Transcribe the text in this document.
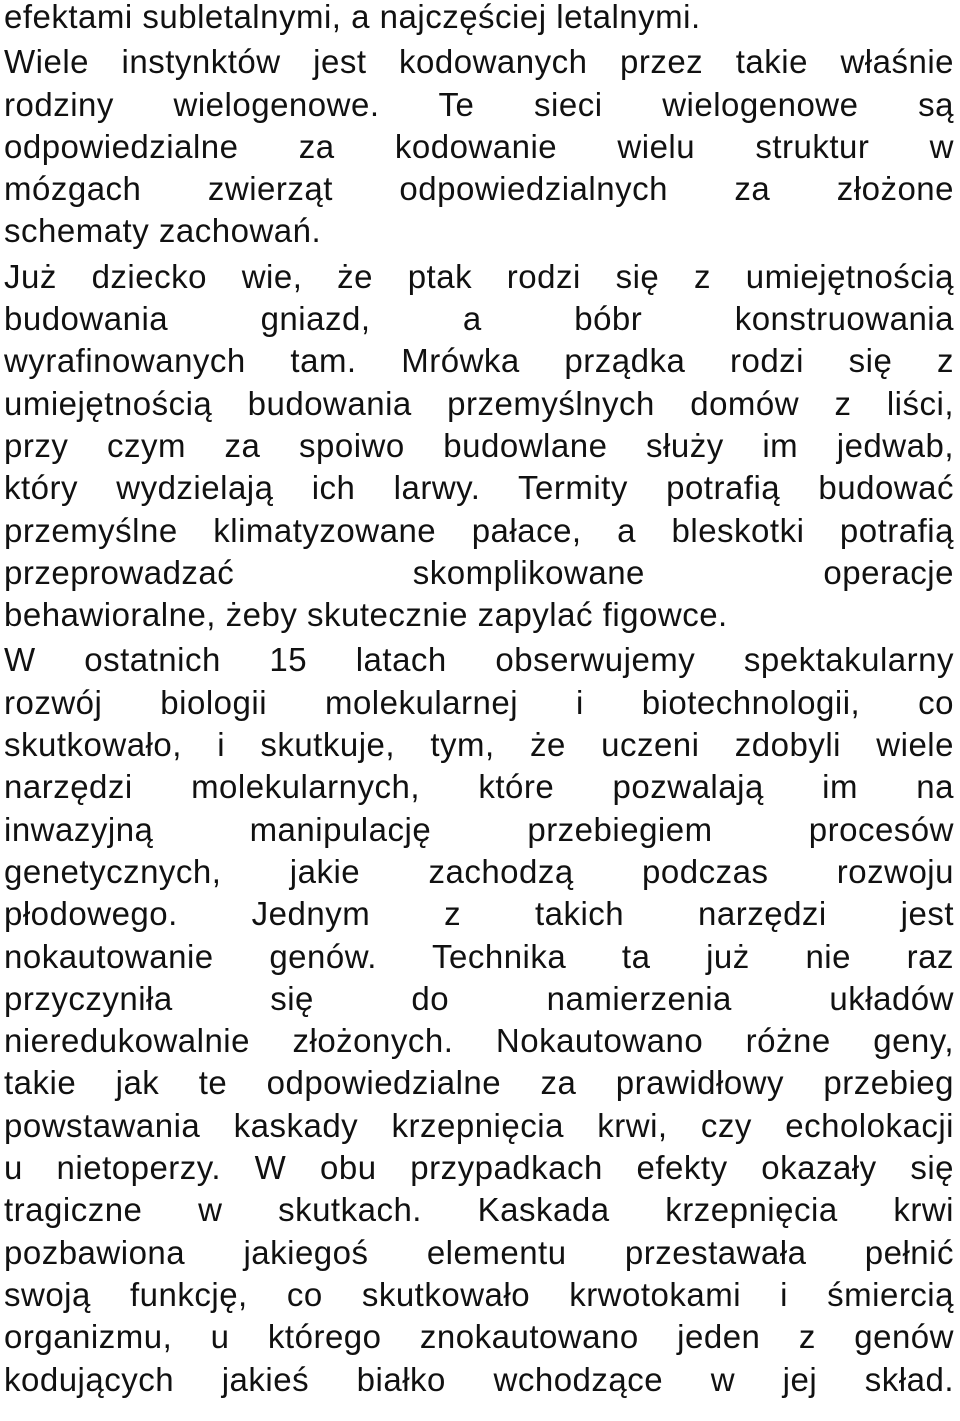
efektami subletalnymi, a najczęściej letalnymi.

Wiele instynktów jest kodowanych przez takie właśnie
rodziny wielogenowe. Te sieci wielogenowe są
odpowiedzialne za kodowanie wielu struktur w
mózgach zwierząt odpowiedzialnych za złożone
schematy zachowań.

Już dziecko wie, że ptak rodzi się z umiejętnością
budowania gniazd, a bóbr konstruowania
wyrafinowanych tam. Mrówka prządka rodzi się z
umiejętnością budowania przemyślnych domów z liści,
przy czym za spoiwo budowlane służy im jedwab,
który wydzielają ich larwy. Termity potrafią budować
przemyślne klimatyzowane pałace, a bleskotki potrafią
przeprowadzać skomplikowane operacje
behawioralne, żeby skutecznie zapylać figowce.

W ostatnich 15 latach obserwujemy spektakularny
rozwój biologii molekularnej i biotechnologii, co
skutkowało, i skutkuje, tym, że uczeni zdobyli wiele
narzędzi molekularnych, które pozwalają im na
inwazyjną manipulację przebiegiem procesów
genetycznych, jakie zachodzą podczas rozwoju
płodowego. Jednym z takich narzędzi jest
nokautowanie genów. Technika ta już nie raz
przyczyniła się do namierzenia układów
nieredukowalnie złożonych. Nokautowano różne geny,
takie jak te odpowiedzialne za prawidłowy przebieg
powstawania kaskady krzepnięcia krwi, czy echolokacji
u nietoperzy. W obu przypadkach efekty okazały się
tragiczne w skutkach. Kaskada krzepnięcia krwi
pozbawiona jakiegoś elementu przestawała pełnić
swoją funkcję, co skutkowało krwotokami i śmiercią
organizmu, u którego znokautowano jeden z genów
kodujących jakieś białko wchodzące w jej skład.
